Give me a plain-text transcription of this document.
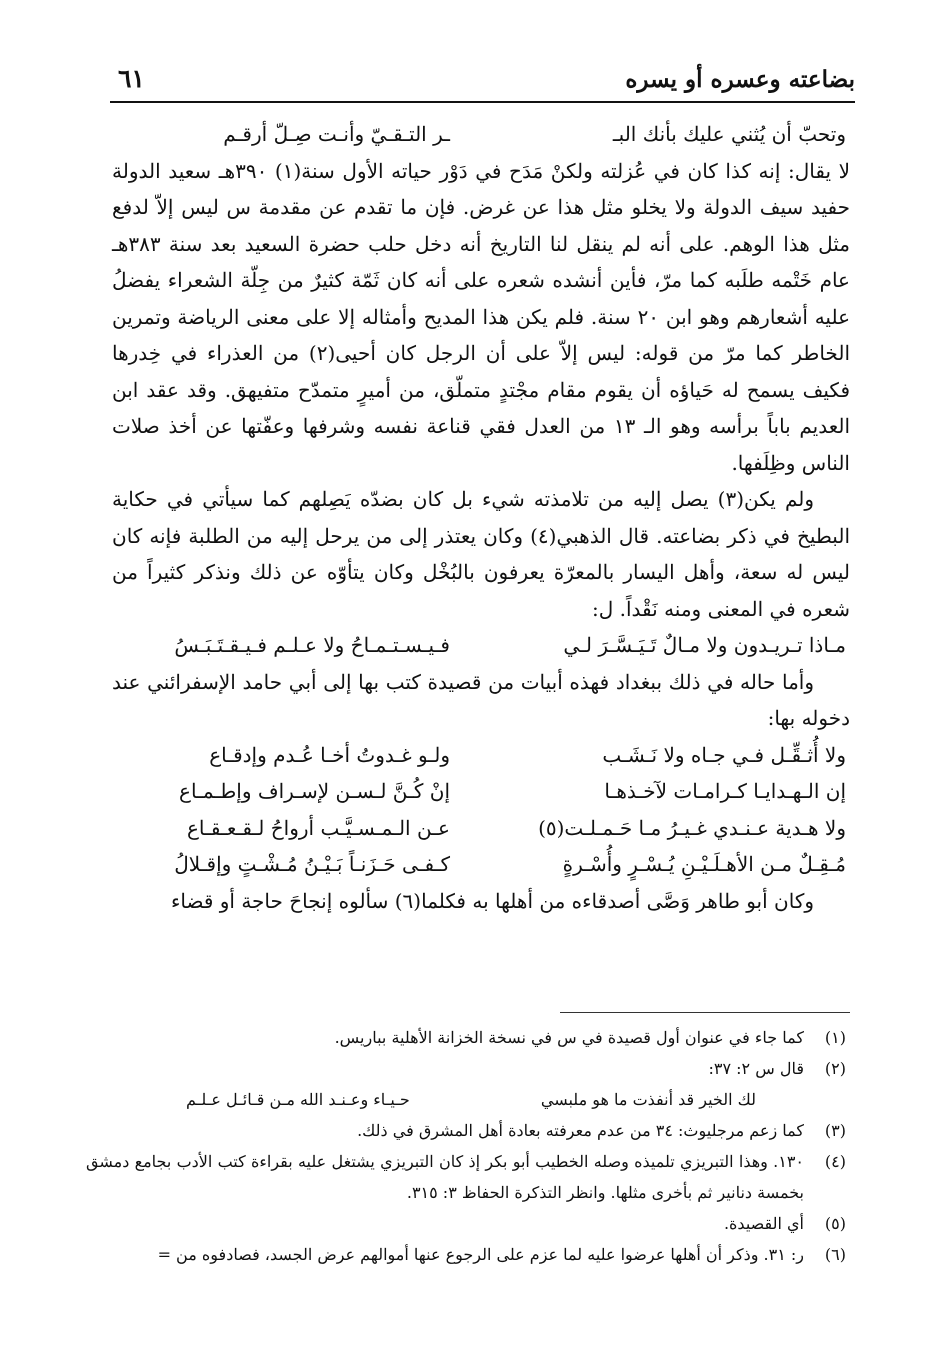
بضاعته وعسره أو يسره
٦١
وتحبّ أن يُثني عليك بأنك البـ
ـر التـقـيّ وأنـت صِـلّ أرقـم

لا يقال: إنه كذا كان في عُزلته ولكنْ مَدَح في دَوْر حياته الأول سنة(١) ٣٩٠هـ سعيد الدولة حفيد سيف الدولة ولا يخلو مثل هذا عن غرض. فإن ما تقدم عن مقدمة س ليس إلاّ لدفع مثل هذا الوهم. على أنه لم ينقل لنا التاريخ أنه دخل حلب حضرة السعيد بعد سنة ٣٨٣هـ عام خَتْمه طلَبه كما مرّ، فأين أنشده شعره على أنه كان ثَمّة كثيرٌ من جِلّة الشعراء يفضلُ عليه أشعارهم وهو ابن ٢٠ سنة. فلم يكن هذا المديح وأمثاله إلا على معنى الرياضة وتمرين الخاطر كما مرّ من قوله: ليس إلاّ على أن الرجل كان أحيى(٢) من العذراء في خِدرها فكيف يسمح له حَياؤه أن يقوم مقام مجْتدٍ متملّق، من أميرٍ متمدّح متفيهق. وقد عقد ابن العديم باباً برأسه وهو الـ ١٣ من العدل فقي قناعة نفسه وشرفها وعفّتها عن أخذ صلات الناس وظِلَفها.

ولم يكن(٣) يصل إليه من تلامذته شيء بل كان بضدّه يَصِلهم كما سيأتي في حكاية البطيخ في ذكر بضاعته. قال الذهبي(٤) وكان يعتذر إلى من يرحل إليه من الطلبة فإنه كان ليس له سعة، وأهل اليسار بالمعرّة يعرفون بالبُخْل وكان يتأوّه عن ذلك ونذكر كثيراً من شعره في المعنى ومنه نَقْداً. ل:

مـاذا تـريـدون ولا مـالٌ تَـيَـسَّـرَ لـي
فـيـسـتـمـاحُ ولا عـلـم فـيـقـتَـبَـسُ

وأما حاله في ذلك ببغداد فهذه أبيات من قصيدة كتب بها إلى أبي حامد الإسفرائني عند دخوله بها:

ولا أُثـقِّـل فـي جـاه ولا نَـشَـب
ولـو غـدوتُ أخـا عُـدم وإدقـاع
إن الـهـدايـا كـرامـات لآخـذهـا
إنْ كُـنَّ لـسـن لإسـراف وإطـمـاع
ولا هـدية عـنـدي غـيـرُ مـا حَـمـلـت(٥)
عـن الـمـسـيَّـب أرواحُ لـقـعـقـاع
مُـقِـلٌ مـن الأهـلَـيْـنِ يُـسْـرٍ وأُسْـرةٍ
كـفـى حَـزَنـاً بَـيْـنُ مُـشْـتٍ وإقـلالُ

وكان أبو طاهر وَصَّى أصدقاءه من أهلها به فكلما(٦) سألوه إنجاحَ حاجة أو قضاء

(١)
كما جاء في عنوان أول قصيدة في س في نسخة الخزانة الأهلية بباريس.
(٢)
قال س ٢: ٣٧:
لك الخير قد أنفذت ما هو ملبسي
حـيـاء وعـنـد الله مـن قـائـل عـلـم
(٣)
كما زعم مرجليوث: ٣٤ من عدم معرفته بعادة أهل المشرق في ذلك.
(٤)
١٣٠. وهذا التبريزي تلميذه وصله الخطيب أبو بكر إذ كان التبريزي يشتغل عليه بقراءة كتب الأدب بجامع دمشق بخمسة دنانير ثم بأخرى مثلها. وانظر التذكرة الحفاظ ٣: ٣١٥.
(٥)
أي القصيدة.
(٦)
ر: ٣١. وذكر أن أهلها عرضوا عليه لما عزم على الرجوع عنها أموالهم عرض الجسد، فصادفوه من =
